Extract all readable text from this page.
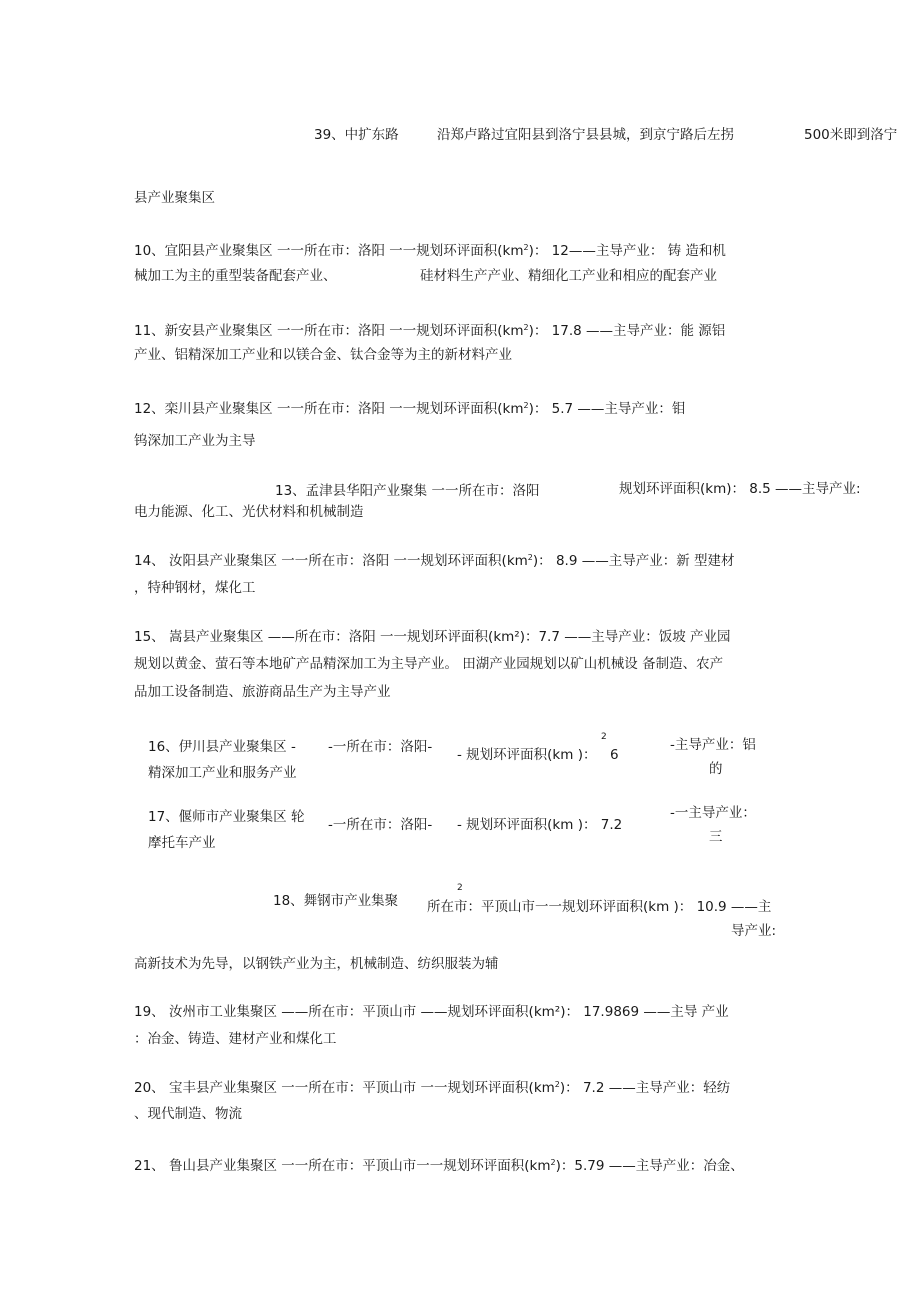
39、中扩东路	沿郑卢路过宜阳县到洛宁县县城，到京宁路后左拐	500米即到洛宁
县产业聚集区
10、宜阳县产业聚集区 一一所在市：洛阳 一一规划环评面积$(km^2)$： 12——主导产业： 铸 造和机
械加工为主的重型装备配套产业、	硅材料生产产业、精细化工产业和相应的配套产业
11、新安县产业聚集区 一一所在市：洛阳 一一规划环评面积$(km^2)$： 17.8 ——主导产业：能 源铝
产业、铝精深加工产业和以镁合金、钛合金等为主的新材料产业
12、栾川县产业聚集区 一一所在市：洛阳 一一规划环评面积$(km^2)$： 5.7 ——主导产业：钼
钨深加工产业为主导
13、孟津县华阳产业聚集 一一所在市：洛阳	规划环评面积(km)： 8.5 ——主导产业:
电力能源、化工、光伏材料和机械制造
14、 汝阳县产业聚集区 一一所在市：洛阳 一一规划环评面积$(km^2)$： 8.9 ——主导产业：新 型建材
，特种钢材，煤化工
15、 嵩县产业聚集区 ——所在市：洛阳 一一规划环评面积(km²)：7.7 ——主导产业：饭坡 产业园
规划以黄金、萤石等本地矿产品精深加工为主导产业。 田湖产业园规划以矿山机械设 备制造、农产
品加工设备制造、旅游商品生产为主导产业
16、伊川县产业聚集区 - -一所在市：洛阳-
2
- 规划环评面积(km )： 6
-主导产业：铝
精深加工产业和服务产业	的
17、偃师市产业聚集区 轮 -一所在市：洛阳- - 规划环评面积(km )： 7.2
-一主导产业：
摩托车产业	三
18、舞钢市产业集聚
2
所在市：平顶山市一一规划环评面积(km )： 10.9 ——主
导产业:
高新技术为先导，以钢铁产业为主，机械制造、纺织服装为辅
19、 汝州市工业集聚区 ——所在市：平顶山市 ——规划环评面积(km²)： 17.9869 ——主导 产业
：冶金、铸造、建材产业和煤化工
20、 宝丰县产业集聚区 一一所在市：平顶山市 一一规划环评面积$(km^2)$： 7.2 ——主导产业：轻纺
、现代制造、物流
21、 鲁山县产业集聚区 一一所在市：平顶山市一一规划环评面积$(km^2)$：5.79 ——主导产业：冶金、
